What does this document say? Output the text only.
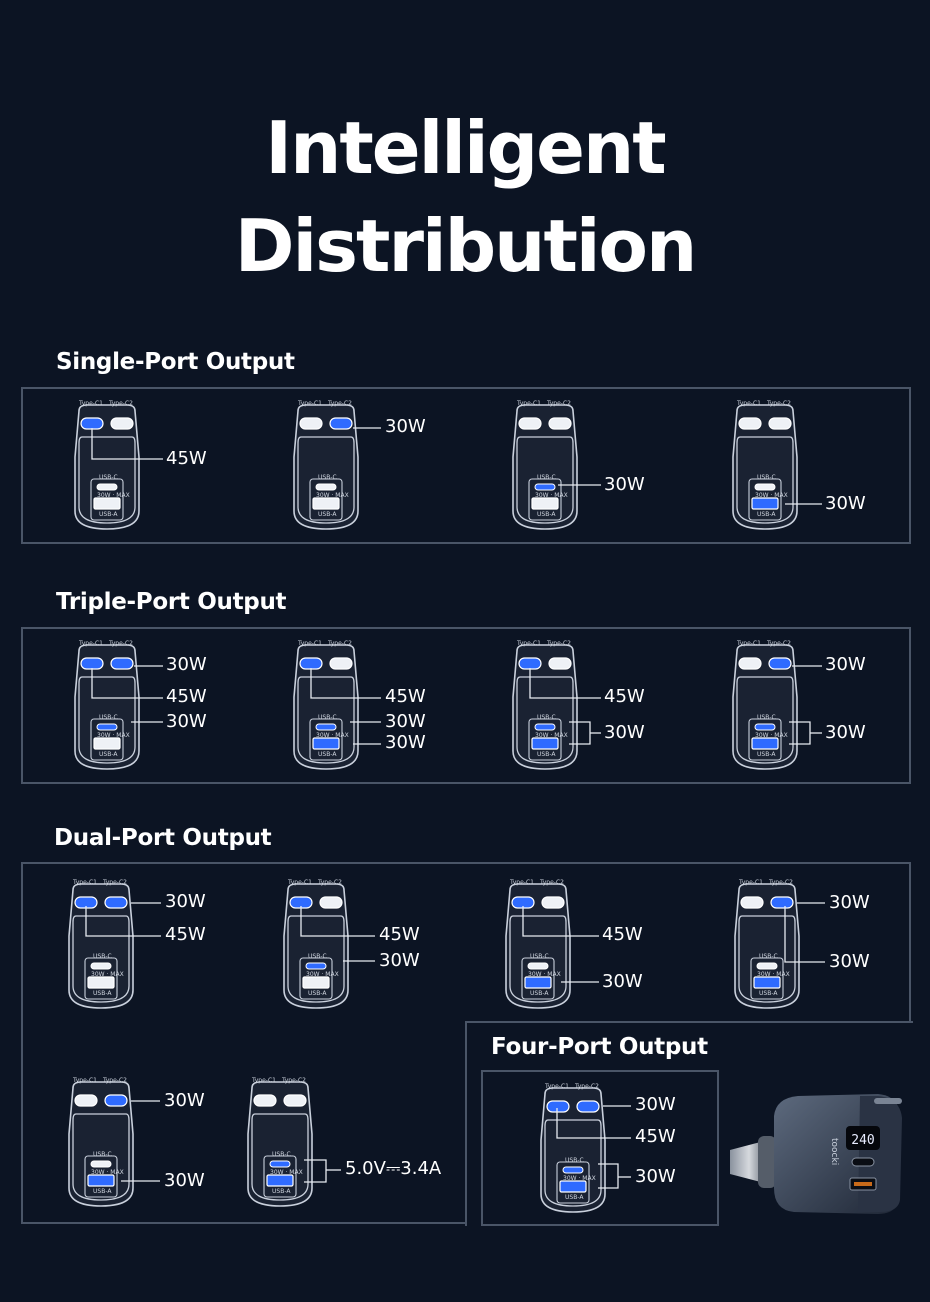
Intelligent
Distribution
Single-Port Output
Triple-Port Output
Dual-Port Output
Four-Port Output
Type-C1 Type-C2
USB-C
30W · MAX
USB-A
45W
Type-C1 Type-C2
USB-C
30W · MAX
USB-A
30W
Type-C1 Type-C2
USB-C
30W · MAX
USB-A
30W
Type-C1 Type-C2
USB-C
30W · MAX
USB-A
30W
Type-C1 Type-C2
USB-C
30W · MAX
USB-A
30W
45W
30W
Type-C1 Type-C2
USB-C
30W · MAX
USB-A
45W
30W
30W
Type-C1 Type-C2
USB-C
30W · MAX
USB-A
45W
30W
Type-C1 Type-C2
USB-C
30W · MAX
USB-A
30W
30W
Type-C1 Type-C2
USB-C
30W · MAX
USB-A
30W
45W
Type-C1 Type-C2
USB-C
30W · MAX
USB-A
45W
30W
Type-C1 Type-C2
USB-C
30W · MAX
USB-A
45W
30W
Type-C1 Type-C2
USB-C
30W · MAX
USB-A
30W
30W
Type-C1 Type-C2
USB-C
30W · MAX
USB-A
30W
30W
Type-C1 Type-C2
USB-C
30W · MAX
USB-A
5.0V⎓3.4A
Type-C1 Type-C2
USB-C
30W · MAX
USB-A
30W
45W
30W
240
toocki
